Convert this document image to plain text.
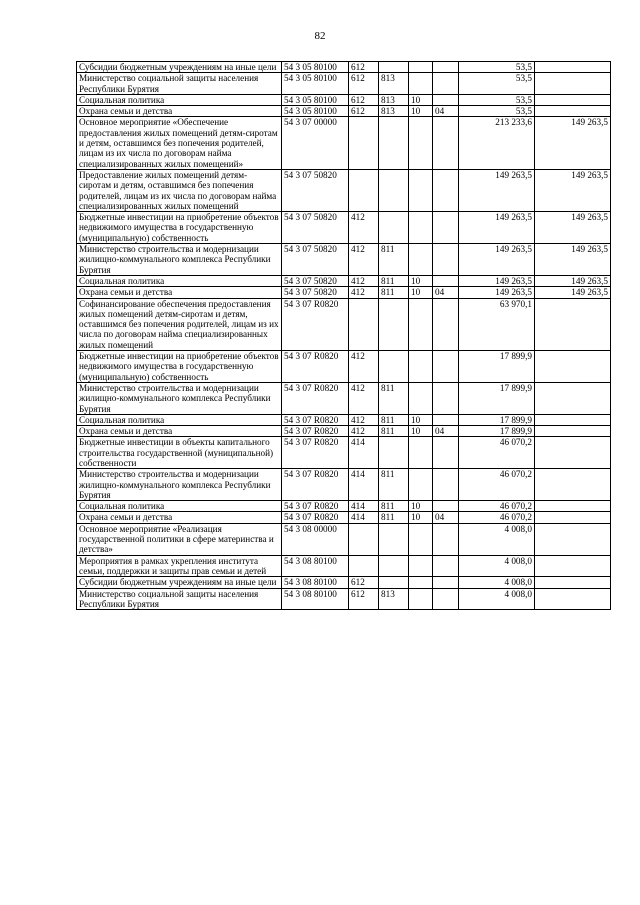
82
Субсидии бюджетным учреждениям на иные цели	54 3 05 80100	612				53,5	
Министерство социальной защиты населения Республики Бурятия	54 3 05 80100	612	813			53,5	
Социальная политика	54 3 05 80100	612	813	10		53,5	
Охрана семьи и детства	54 3 05 80100	612	813	10	04	53,5	
Основное мероприятие «Обеспечение предоставления жилых помещений детям-сиротам и детям, оставшимся без попечения родителей, лицам из их числа по договорам найма специализированных жилых помещений»	54 3 07 00000					213 233,6	149 263,5
Предоставление жилых помещений детям-сиротам и детям, оставшимся без попечения родителей, лицам из их числа по договорам найма специализированных жилых помещений	54 3 07 50820					149 263,5	149 263,5
Бюджетные инвестиции на приобретение объектов недвижимого имущества в государственную (муниципальную) собственность	54 3 07 50820	412				149 263,5	149 263,5
Министерство строительства и модернизации жилищно-коммунального комплекса Республики Бурятия	54 3 07 50820	412	811			149 263,5	149 263,5
Социальная политика	54 3 07 50820	412	811	10		149 263,5	149 263,5
Охрана семьи и детства	54 3 07 50820	412	811	10	04	149 263,5	149 263,5
Софинансирование обеспечения предоставления жилых помещений детям-сиротам и детям, оставшимся без попечения родителей, лицам из их числа по договорам найма специализированных жилых помещений	54 3 07 R0820					63 970,1	
Бюджетные инвестиции на приобретение объектов недвижимого имущества в государственную (муниципальную) собственность	54 3 07 R0820	412				17 899,9	
Министерство строительства и модернизации жилищно-коммунального комплекса Республики Бурятия	54 3 07 R0820	412	811			17 899,9	
Социальная политика	54 3 07 R0820	412	811	10		17 899,9	
Охрана семьи и детства	54 3 07 R0820	412	811	10	04	17 899,9	
Бюджетные инвестиции в объекты капитального строительства государственной (муниципальной) собственности	54 3 07 R0820	414				46 070,2	
Министерство строительства и модернизации жилищно-коммунального комплекса Республики Бурятия	54 3 07 R0820	414	811			46 070,2	
Социальная политика	54 3 07 R0820	414	811	10		46 070,2	
Охрана семьи и детства	54 3 07 R0820	414	811	10	04	46 070,2	
Основное мероприятие «Реализация государственной политики в сфере материнства и детства»	54 3 08 00000					4 008,0	
Мероприятия в рамках укрепления института семьи, поддержки и защиты прав семьи и детей	54 3 08 80100					4 008,0	
Субсидии бюджетным учреждениям на иные цели	54 3 08 80100	612				4 008,0	
Министерство социальной защиты населения Республики Бурятия	54 3 08 80100	612	813			4 008,0	
